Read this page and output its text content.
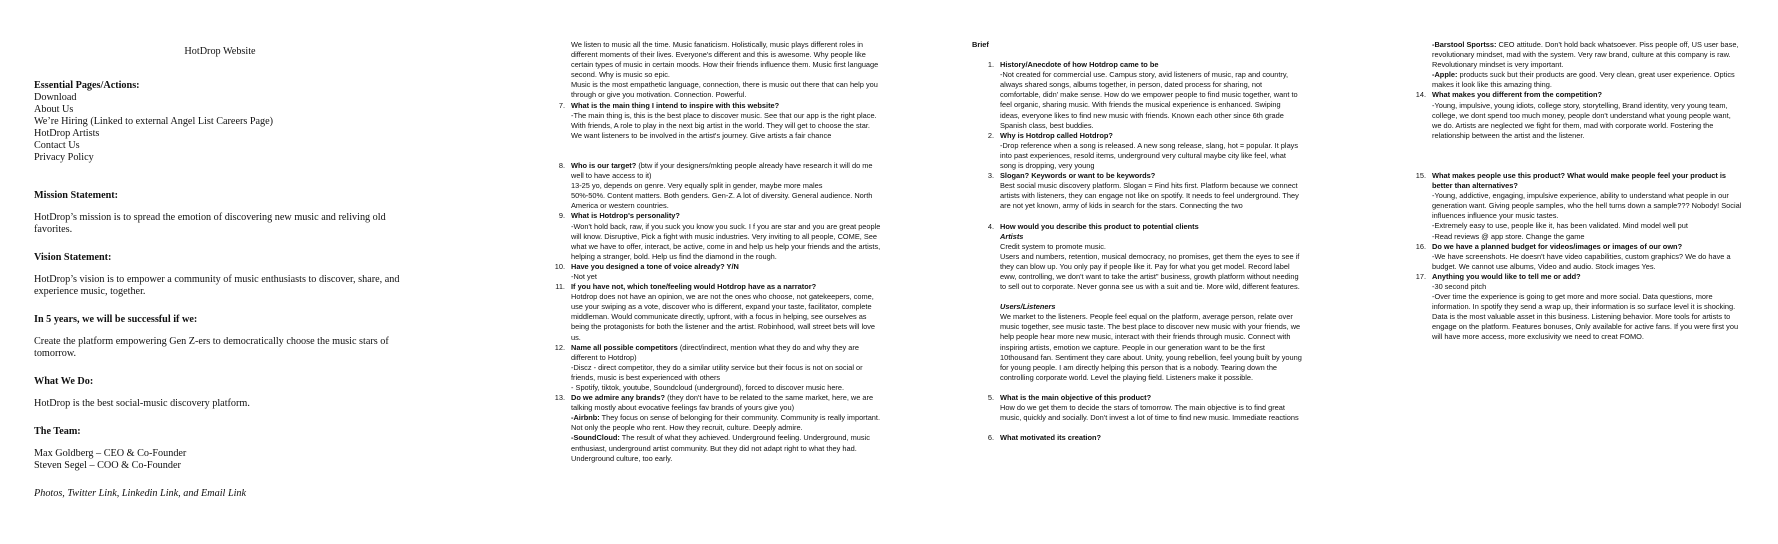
HotDrop Website
Essential Pages/Actions:
Download
About Us
We’re Hiring (Linked to external Angel List Careers Page)
HotDrop Artists
Contact Us
Privacy Policy
Mission Statement:
HotDrop’s mission is to spread the emotion of discovering new music and reliving old favorites.
Vision Statement:
HotDrop’s vision is to empower a community of music enthusiasts to discover, share, and experience music, together.
In 5 years, we will be successful if we:
Create the platform empowering Gen Z-ers to democratically choose the music stars of tomorrow.
What We Do:
HotDrop is the best social-music discovery platform.
The Team:
Max Goldberg – CEO & Co-Founder
Steven Segel – COO & Co-Founder
Photos, Twitter Link, Linkedin Link, and Email Link
We listen to music all the time. Music fanaticism. Holistically, music plays different roles in different moments of their lives. Everyone's different and this is awesome. Why people like certain types of music in certain moods. How their friends influence them. Music first language second. Why is music so epic.
Music is the most empathetic language, connection, there is music out there that can help you through or give you motivation. Connection. Powerful.
7. What is the main thing I intend to inspire with this website?
-The main thing is, this is the best place to discover music. See that our app is the right place. With friends, A role to play in the next big artist in the world. They will get to choose the star. We want listeners to be involved in the artist's journey. Give artists a fair chance
8. Who is our target? (btw if your designers/mkting people already have research it will do me well to have access to it)
13-25 yo, depends on genre. Very equally split in gender, maybe more males
50%-50%. Content matters. Both genders. Gen-Z. A lot of diversity. General audience. North America or western countries.
9. What is Hotdrop's personality?
-Won't hold back, raw, if you suck you know you suck. I f you are star and you are great people will know. Disruptive, Pick a fight with music industries. Very inviting to all people, COME, See what we have to offer, interact, be active, come in and help us help your friends and the artists, helping a stranger, bold. Help us find the diamond in the rough.
10. Have you designed a tone of voice already? Y/N
-Not yet
11. If you have not, which tone/feeling would Hotdrop have as a narrator?
Hotdrop does not have an opinion, we are not the ones who choose, not gatekeepers, come, use your swiping as a vote, discover who is different, expand your taste, facilitator, complete middleman. Would communicate directly, upfront, with a focus in helping, see ourselves as being the protagonists for both the listener and the artist. Robinhood, wall street bets will love us.
12. Name all possible competitors (direct/indirect, mention what they do and why they are different to Hotdrop)
-Discz - direct competitor, they do a similar utility service but their focus is not on social or friends, music is best experienced with others
- Spotify, tiktok, youtube, Soundcloud (underground), forced to discover music here.
13. Do we admire any brands? (they don't have to be related to the same market, here, we are talking mostly about evocative feelings fav brands of yours give you)
-Airbnb: They focus on sense of belonging for their community. Community is really important. Not only the people who rent. How they recruit, culture. Deeply admire.
-SoundCloud: The result of what they achieved. Underground feeling. Underground, music enthusiast, underground artist community. But they did not adapt right to what they had. Underground culture, too early.
Brief
1. History/Anecdote of how Hotdrop came to be
-Not created for commercial use. Campus story, avid listeners of music, rap and country, always shared songs, albums together, in person, dated process for sharing, not comfortable, didn' make sense. How do we empower people to find music together, want to feel organic, sharing music. With friends the musical experience is enhanced. Swiping ideas, everyone likes to find new music with friends. Known each other since 6th grade Spanish class, best buddies.
2. Why is Hotdrop called Hotdrop?
-Drop reference when a song is released. A new song release, slang, hot = popular. It plays into past experiences, resold items, underground very cultural maybe city like feel, what song is dropping, very young
3. Slogan? Keywords or want to be keywords?
Best social music discovery platform. Slogan = Find hits first. Platform because we connect artists with listeners, they can engage not like on spotify. It needs to feel underground. They are not yet known, army of kids in search for the stars. Connecting the two
4. How would you describe this product to potential clients
Artists
Credit system to promote music.
Users and numbers, retention, musical democracy, no promises, get them the eyes to see if they can blow up. You only pay if people like it. Pay for what you get model. Record label eww, controlling, we don't want to take the artist" business, growth platform without needing to sell out to corporate. Never gonna see us with a suit and tie. More wild, different features.
Users/Listeners
We market to the listeners. People feel equal on the platform, average person, relate over music together, see music taste. The best place to discover new music with your friends, we help people hear more new music, interact with their friends through music. Connect with inspiring artists, emotion we capture. People in our generation want to be the first 10thousand fan. Sentiment they care about. Unity, young rebellion, feel young built by young for young people. I am directly helping this person that is a nobody. Tearing down the controlling corporate world. Level the playing field. Listeners make it possible.
5. What is the main objective of this product?
How do we get them to decide the stars of tomorrow. The main objective is to find great music, quickly and socially. Don't invest a lot of time to find new music. Immediate reactions
6. What motivated its creation?
-Barstool Sportss: CEO attitude. Don't hold back whatsoever. Piss people off, US user base, revolutionary mindset, mad with the system. Very raw brand, culture at this company is raw. Revolutionary mindset is very important.
-Apple: products suck but their products are good. Very clean, great user experience. Optics makes it look like this amazing thing.
14. What makes you different from the competition?
-Young, impulsive, young idiots, college story, storytelling, Brand identity, very young team, college, we dont spend too much money, people don't understand what young people want, we do. Artists are neglected we fight for them, mad with corporate world. Fostering the relationship between the artist and the listener.
15. What makes people use this product? What would make people feel your product is better than alternatives?
-Young, addictive, engaging, impulsive experience, ability to understand what people in our generation want. Giving people samples, who the hell turns down a sample??? Nobody! Social influences influence your music tastes.
-Extremely easy to use, people like it, has been validated. Mind model well put
-Read reviews @ app store. Change the game
16. Do we have a planned budget for videos/images or images of our own?
-We have screenshots. He doesn't have video capabilities, custom graphics? We do have a budget. We cannot use albums, Video and audio. Stock images Yes.
17. Anything you would like to tell me or add?
-30 second pitch
-Over time the experience is going to get more and more social. Data questions, more information. In spotify they send a wrap up, their information is so surface level it is shocking. Data is the most valuable asset in this business. Listening behavior. More tools for artists to engage on the platform. Features bonuses, Only available for active fans. If you were first you will have more access, more exclusivity we need to creat FOMO.
